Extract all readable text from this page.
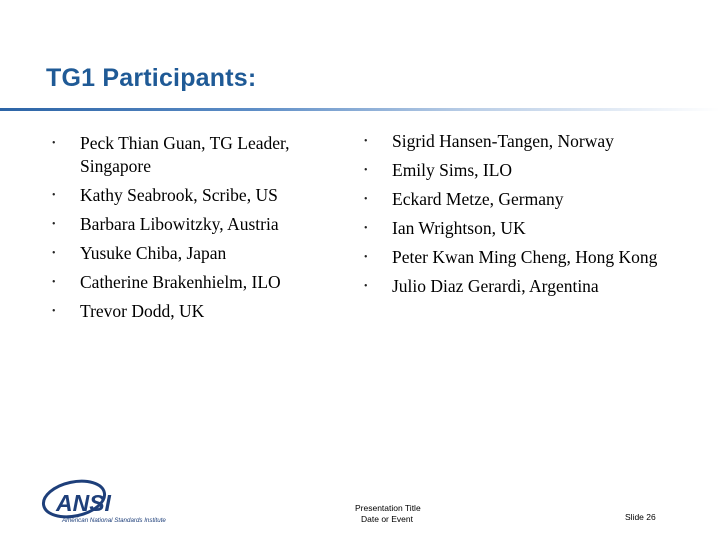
TG1 Participants:
• Peck Thian Guan, TG Leader, Singapore
• Kathy Seabrook, Scribe, US
• Barbara Libowitzky, Austria
• Yusuke Chiba, Japan
• Catherine Brakenhielm, ILO
• Trevor Dodd, UK
• Sigrid Hansen-Tangen, Norway
• Emily Sims, ILO
• Eckard Metze, Germany
• Ian Wrightson, UK
• Peter Kwan Ming Cheng, Hong Kong
• Julio Diaz Gerardi, Argentina
ANSI
American National Standards Institute
Presentation Title
Date or Event	Slide 26
